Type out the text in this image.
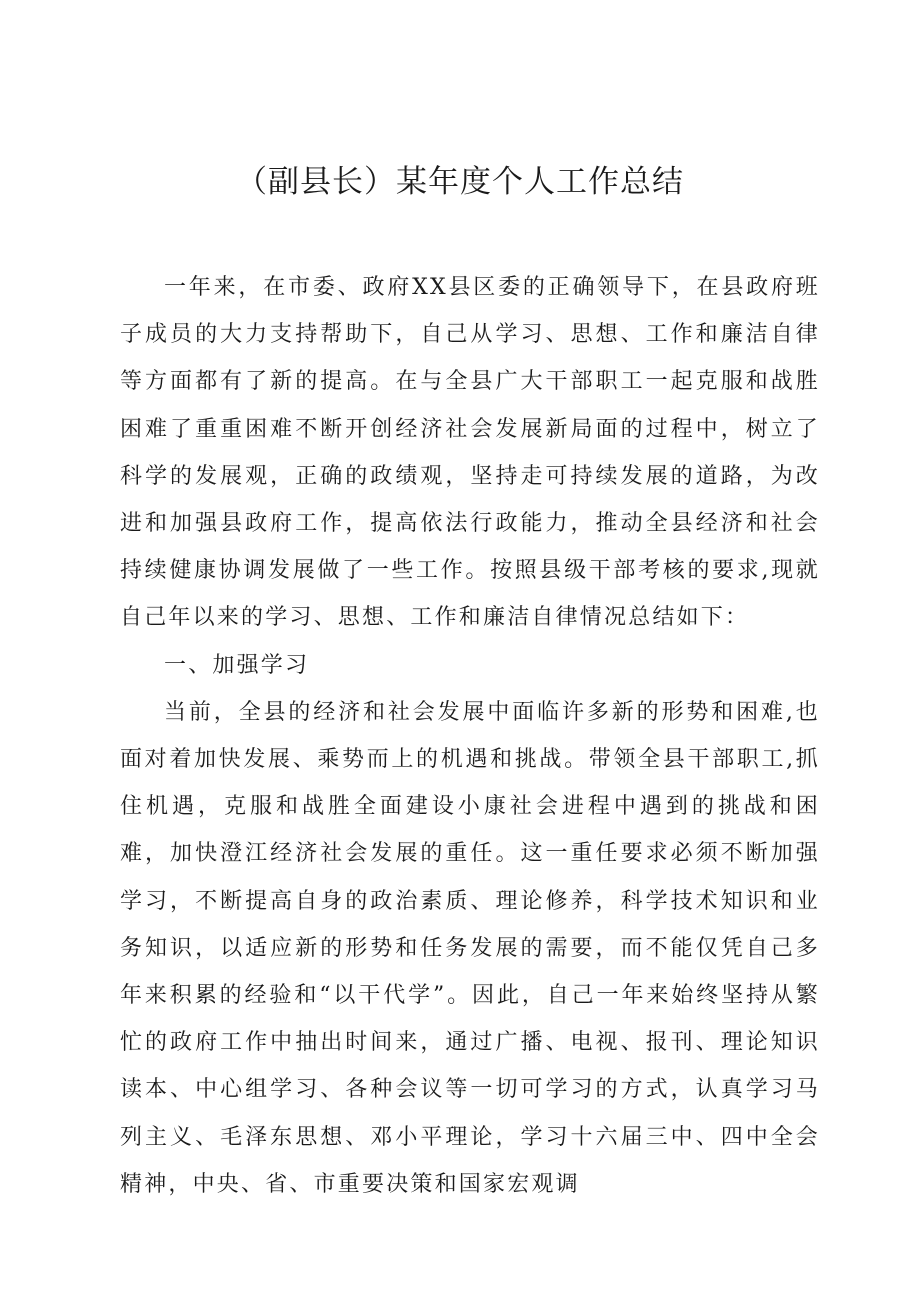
（副县长）某年度个人工作总结

一年来，在市委、政府XX县区委的正确领导下，在县政府班子成员的大力支持帮助下，自己从学习、思想、工作和廉洁自律等方面都有了新的提高。在与全县广大干部职工一起克服和战胜困难了重重困难不断开创经济社会发展新局面的过程中，树立了科学的发展观，正确的政绩观，坚持走可持续发展的道路，为改进和加强县政府工作，提高依法行政能力，推动全县经济和社会持续健康协调发展做了一些工作。按照县级干部考核的要求,现就自己年以来的学习、思想、工作和廉洁自律情况总结如下：

一、加强学习

当前，全县的经济和社会发展中面临许多新的形势和困难,也面对着加快发展、乘势而上的机遇和挑战。带领全县干部职工,抓住机遇，克服和战胜全面建设小康社会进程中遇到的挑战和困难，加快澄江经济社会发展的重任。这一重任要求必须不断加强学习，不断提高自身的政治素质、理论修养，科学技术知识和业务知识，以适应新的形势和任务发展的需要，而不能仅凭自己多年来积累的经验和“以干代学”。因此，自己一年来始终坚持从繁忙的政府工作中抽出时间来，通过广播、电视、报刊、理论知识读本、中心组学习、各种会议等一切可学习的方式，认真学习马列主义、毛泽东思想、邓小平理论，学习十六届三中、四中全会精神，中央、省、市重要决策和国家宏观调
